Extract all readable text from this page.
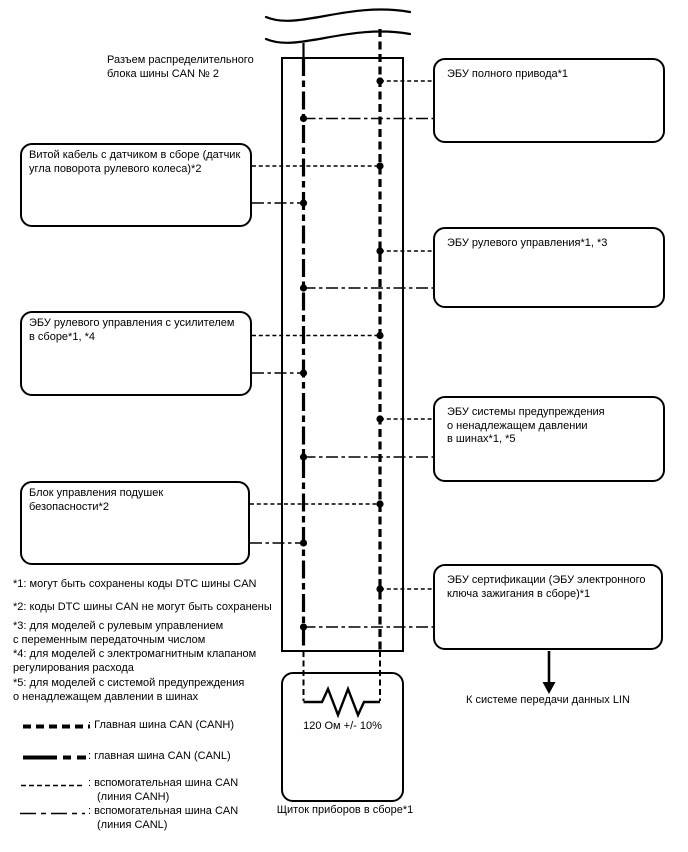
Разъем распределительного
блока шины CAN № 2
Витой кабель с датчиком в сборе (датчик
угла поворота рулевого колеса)*2
ЭБУ рулевого управления с усилителем
в сборе*1, *4
Блок управления подушек
безопасности*2
ЭБУ полного привода*1
ЭБУ рулевого управления*1, *3
ЭБУ системы предупреждения
о ненадлежащем давлении
в шинах*1, *5
ЭБУ сертификации (ЭБУ электронного
ключа зажигания в сборе)*1
120 Ом +/- 10%
Щиток приборов в сборе*1
К системе передачи данных LIN
*1: могут быть сохранены коды DTC шины CAN
*2: коды DTC шины CAN не могут быть сохранены
*3: для моделей с рулевым управлением
с переменным передаточным числом
*4: для моделей с электромагнитным клапаном
регулирования расхода
*5: для моделей с системой предупреждения
о ненадлежащем давлении в шинах
: Главная шина CAN (CANH)
: главная шина CAN (CANL)
: вспомогательная шина CAN
(линия CANH)
: вспомогательная шина CAN
(линия CANL)
